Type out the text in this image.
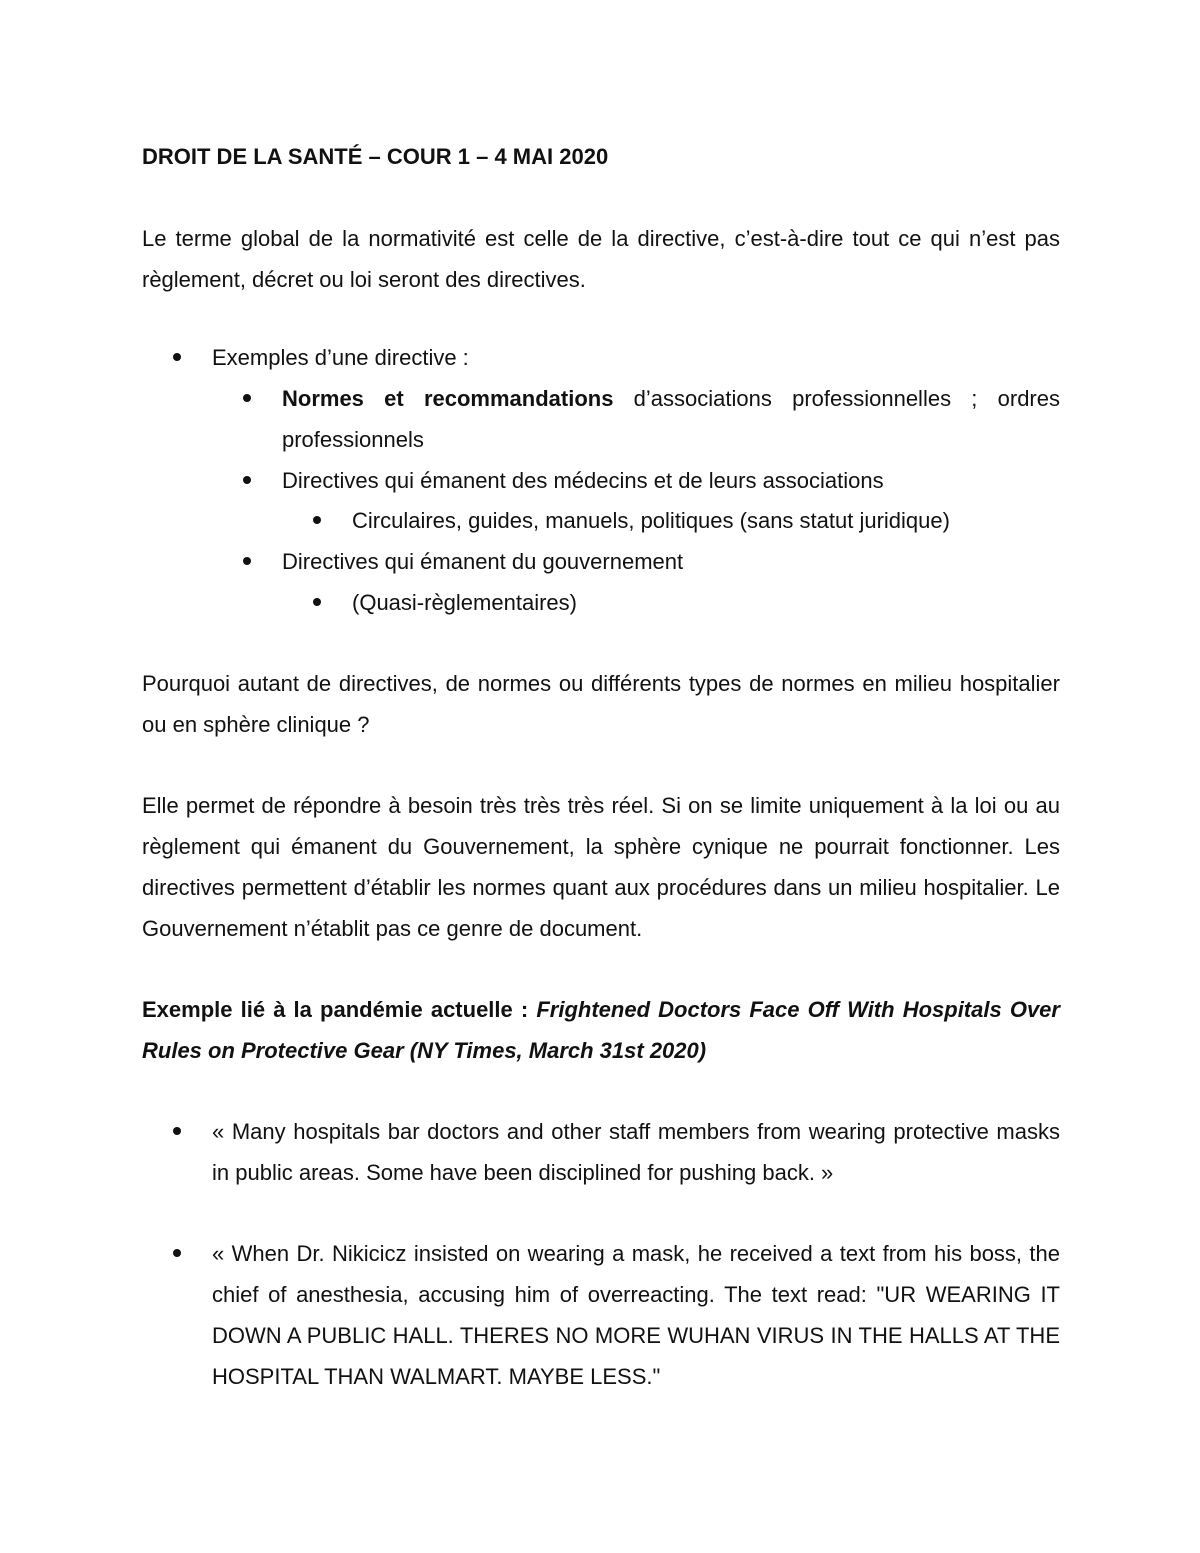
DROIT DE LA SANTÉ – COUR 1 – 4 MAI 2020

Le terme global de la normativité est celle de la directive, c’est-à-dire tout ce qui n’est pas règlement, décret ou loi seront des directives.

Exemples d’une directive :
Normes et recommandations d’associations professionnelles ; ordres professionnels
Directives qui émanent des médecins et de leurs associations
Circulaires, guides, manuels, politiques (sans statut juridique)
Directives qui émanent du gouvernement
(Quasi-règlementaires)

Pourquoi autant de directives, de normes ou différents types de normes en milieu hospitalier ou en sphère clinique ?

Elle permet de répondre à besoin très très très réel. Si on se limite uniquement à la loi ou au règlement qui émanent du Gouvernement, la sphère cynique ne pourrait fonctionner. Les directives permettent d’établir les normes quant aux procédures dans un milieu hospitalier. Le Gouvernement n’établit pas ce genre de document.

Exemple lié à la pandémie actuelle : Frightened Doctors Face Off With Hospitals Over Rules on Protective Gear (NY Times, March 31st 2020)

« Many hospitals bar doctors and other staff members from wearing protective masks in public areas. Some have been disciplined for pushing back. »
« When Dr. Nikicicz insisted on wearing a mask, he received a text from his boss, the chief of anesthesia, accusing him of overreacting. The text read: "UR WEARING IT DOWN A PUBLIC HALL. THERES NO MORE WUHAN VIRUS IN THE HALLS AT THE HOSPITAL THAN WALMART. MAYBE LESS."
